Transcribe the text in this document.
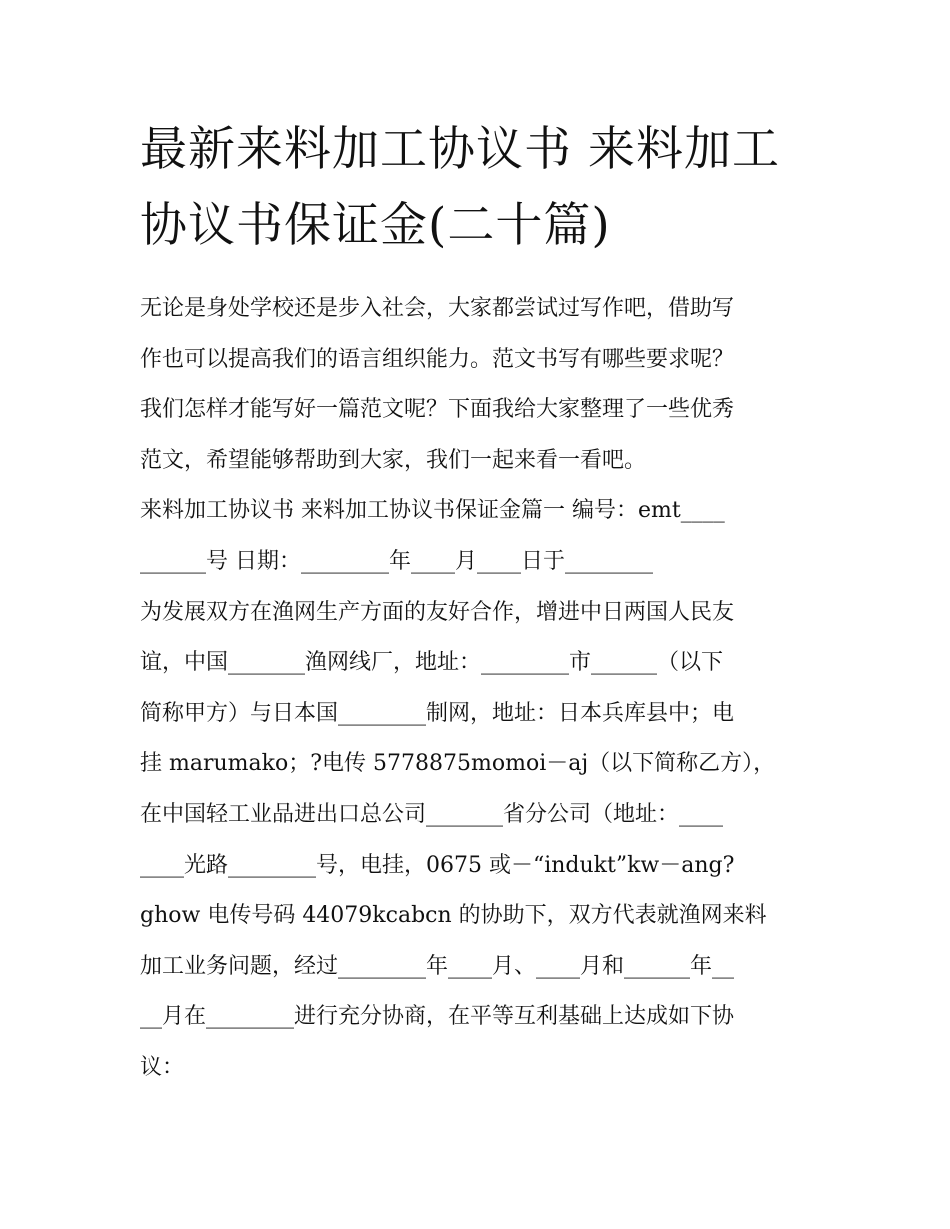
最新来料加工协议书 来料加工
协议书保证金(二十篇)
无论是身处学校还是步入社会，大家都尝试过写作吧，借助写
作也可以提高我们的语言组织能力。范文书写有哪些要求呢？
我们怎样才能写好一篇范文呢？下面我给大家整理了一些优秀
范文，希望能够帮助到大家，我们一起来看一看吧。
来料加工协议书 来料加工协议书保证金篇一 编号：emt____
______号 日期：________年____月____日于________
为发展双方在渔网生产方面的友好合作，增进中日两国人民友
谊，中国_______渔网线厂，地址：________市______（以下
简称甲方）与日本国________制网，地址：日本兵库县中；电
挂 marumako；?电传 5778875momoi－aj（以下简称乙方），
在中国轻工业品进出口总公司_______省分公司（地址：____
____光路________号，电挂，0675 或－“indukt”kw－ang?
ghow 电传号码 44079kcabcn 的协助下，双方代表就渔网来料
加工业务问题，经过________年____月、____月和______年__
__月在________进行充分协商，在平等互利基础上达成如下协
议：
